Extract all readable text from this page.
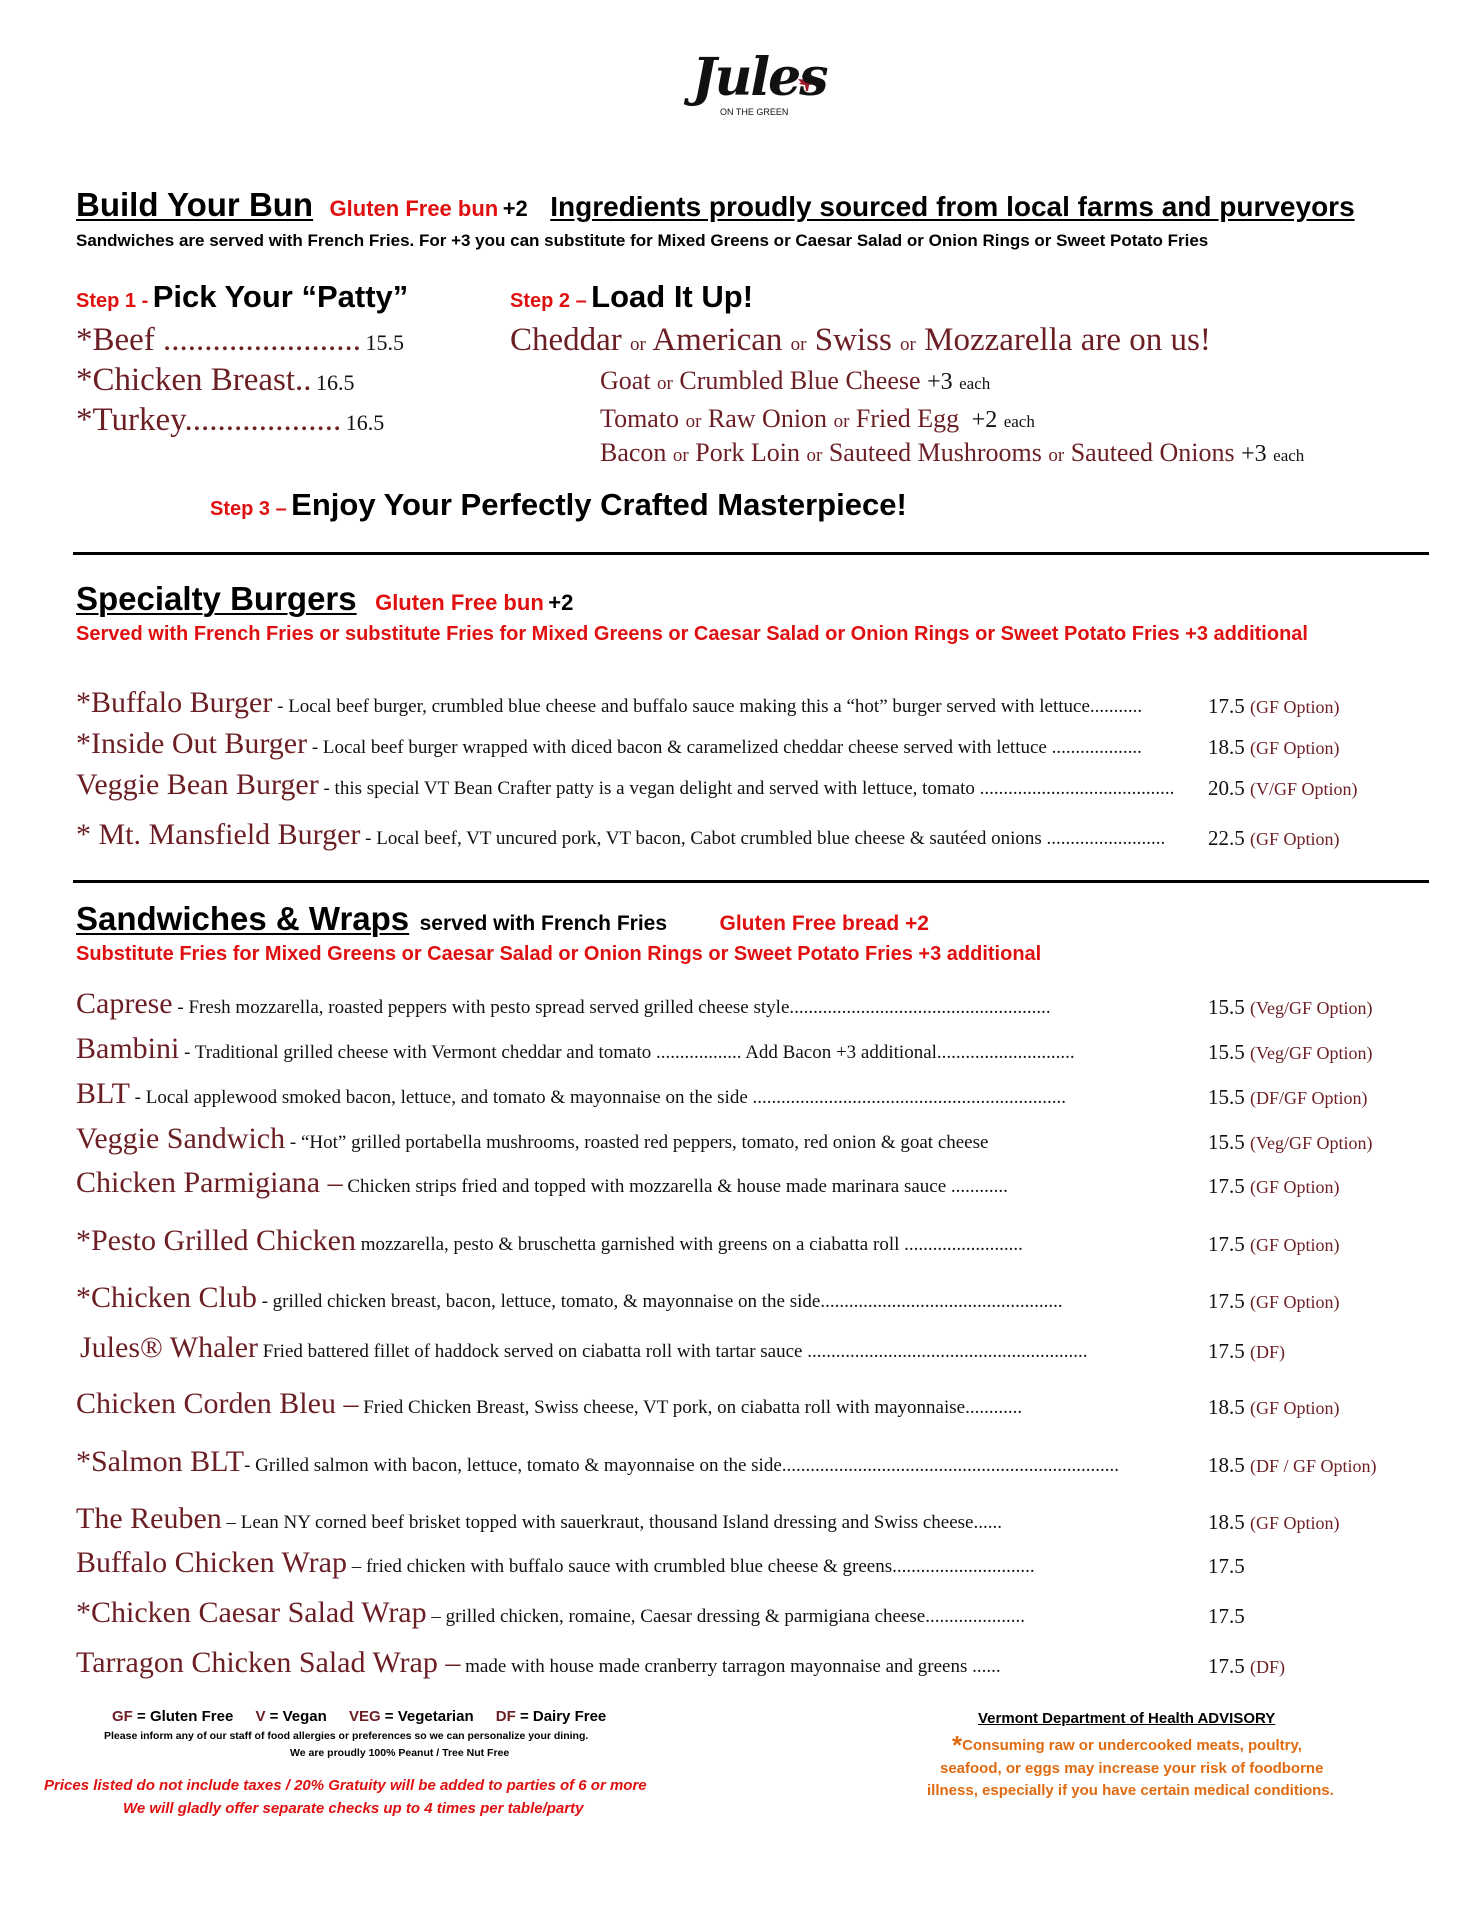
Jules
ON THE GREEN
Build Your Bun Gluten Free bun +2 Ingredients proudly sourced from local farms and purveyors
Sandwiches are served with French Fries. For +3 you can substitute for Mixed Greens or Caesar Salad or Onion Rings or Sweet Potato Fries
Step 1 - Pick Your “Patty”
*Beef ........................ 15.5
*Chicken Breast.. 16.5
*Turkey................... 16.5
Step 2 – Load It Up!
Cheddar or American or Swiss or Mozzarella are on us!
Goat or Crumbled Blue Cheese +3 each
Tomato or Raw Onion or Fried Egg +2 each
Bacon or Pork Loin or Sauteed Mushrooms or Sauteed Onions +3 each
Step 3 – Enjoy Your Perfectly Crafted Masterpiece!
Specialty Burgers Gluten Free bun +2
Served with French Fries or substitute Fries for Mixed Greens or Caesar Salad or Onion Rings or Sweet Potato Fries +3 additional
*Buffalo Burger - Local beef burger, crumbled blue cheese and buffalo sauce making this a “hot” burger served with lettuce...........	17.5 (GF Option)
*Inside Out Burger - Local beef burger wrapped with diced bacon & caramelized cheddar cheese served with lettuce ...................	18.5 (GF Option)
Veggie Bean Burger - this special VT Bean Crafter patty is a vegan delight and served with lettuce, tomato ......................................... 20.5 (V/GF Option)
* Mt. Mansfield Burger - Local beef, VT uncured pork, VT bacon, Cabot crumbled blue cheese & sautéed onions ......................... 22.5 (GF Option)
Sandwiches & Wraps served with French Fries Gluten Free bread +2
Substitute Fries for Mixed Greens or Caesar Salad or Onion Rings or Sweet Potato Fries +3 additional
Caprese - Fresh mozzarella, roasted peppers with pesto spread served grilled cheese style.......................................................	15.5 (Veg/GF Option)
Bambini - Traditional grilled cheese with Vermont cheddar and tomato .................. Add Bacon +3 additional.............................	15.5 (Veg/GF Option)
BLT - Local applewood smoked bacon, lettuce, and tomato & mayonnaise on the side ..................................................................	15.5 (DF/GF Option)
Veggie Sandwich - “Hot” grilled portabella mushrooms, roasted red peppers, tomato, red onion & goat cheese	15.5 (Veg/GF Option)
Chicken Parmigiana – Chicken strips fried and topped with mozzarella & house made marinara sauce ............	17.5 (GF Option)
*Pesto Grilled Chicken mozzarella, pesto & bruschetta garnished with greens on a ciabatta roll .........................	17.5 (GF Option)
*Chicken Club - grilled chicken breast, bacon, lettuce, tomato, & mayonnaise on the side...................................................	17.5 (GF Option)
Jules® Whaler Fried battered fillet of haddock served on ciabatta roll with tartar sauce ...........................................................	17.5 (DF)
Chicken Corden Bleu – Fried Chicken Breast, Swiss cheese, VT pork, on ciabatta roll with mayonnaise............	18.5 (GF Option)
*Salmon BLT- Grilled salmon with bacon, lettuce, tomato & mayonnaise on the side.......................................................................	18.5 (DF / GF Option)
The Reuben – Lean NY corned beef brisket topped with sauerkraut, thousand Island dressing and Swiss cheese......	18.5 (GF Option)
Buffalo Chicken Wrap – fried chicken with buffalo sauce with crumbled blue cheese & greens..............................	17.5
*Chicken Caesar Salad Wrap – grilled chicken, romaine, Caesar dressing & parmigiana cheese.....................	17.5
Tarragon Chicken Salad Wrap – made with house made cranberry tarragon mayonnaise and greens ......	17.5 (DF)
GF = Gluten Free V = Vegan VEG = Vegetarian DF = Dairy Free
Please inform any of our staff of food allergies or preferences so we can personalize your dining.
We are proudly 100% Peanut / Tree Nut Free
Prices listed do not include taxes / 20% Gratuity will be added to parties of 6 or more
We will gladly offer separate checks up to 4 times per table/party
Vermont Department of Health ADVISORY
*Consuming raw or undercooked meats, poultry,
seafood, or eggs may increase your risk of foodborne
illness, especially if you have certain medical conditions.
